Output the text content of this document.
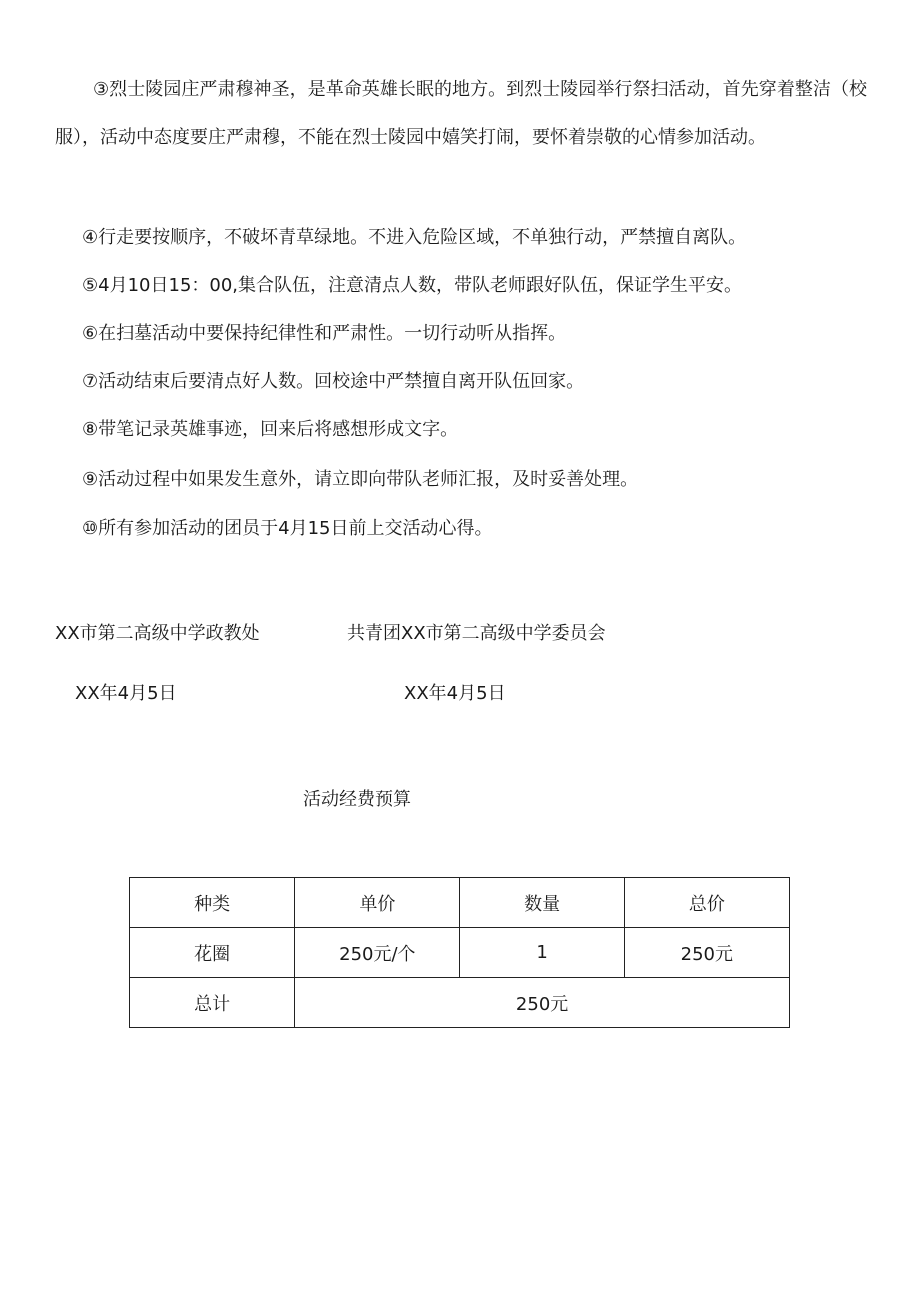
③烈士陵园庄严肃穆神圣，是革命英雄长眠的地方。到烈士陵园举行祭扫活动，首先穿着整洁（校服），活动中态度要庄严肃穆，不能在烈士陵园中嬉笑打闹，要怀着崇敬的心情参加活动。

④行走要按顺序，不破坏青草绿地。不进入危险区域，不单独行动，严禁擅自离队。

⑤4月10日15：00,集合队伍，注意清点人数，带队老师跟好队伍，保证学生平安。

⑥在扫墓活动中要保持纪律性和严肃性。一切行动听从指挥。

⑦活动结束后要清点好人数。回校途中严禁擅自离开队伍回家。

⑧带笔记录英雄事迹，回来后将感想形成文字。

⑨活动过程中如果发生意外，请立即向带队老师汇报，及时妥善处理。

⑩所有参加活动的团员于4月15日前上交活动心得。

XX市第二高级中学政教处	共青团XX市第二高级中学委员会
XX年4月5日	XX年4月5日
活动经费预算
种类	单价	数量	总价
花圈	250元/个	1	250元
总计	250元		
